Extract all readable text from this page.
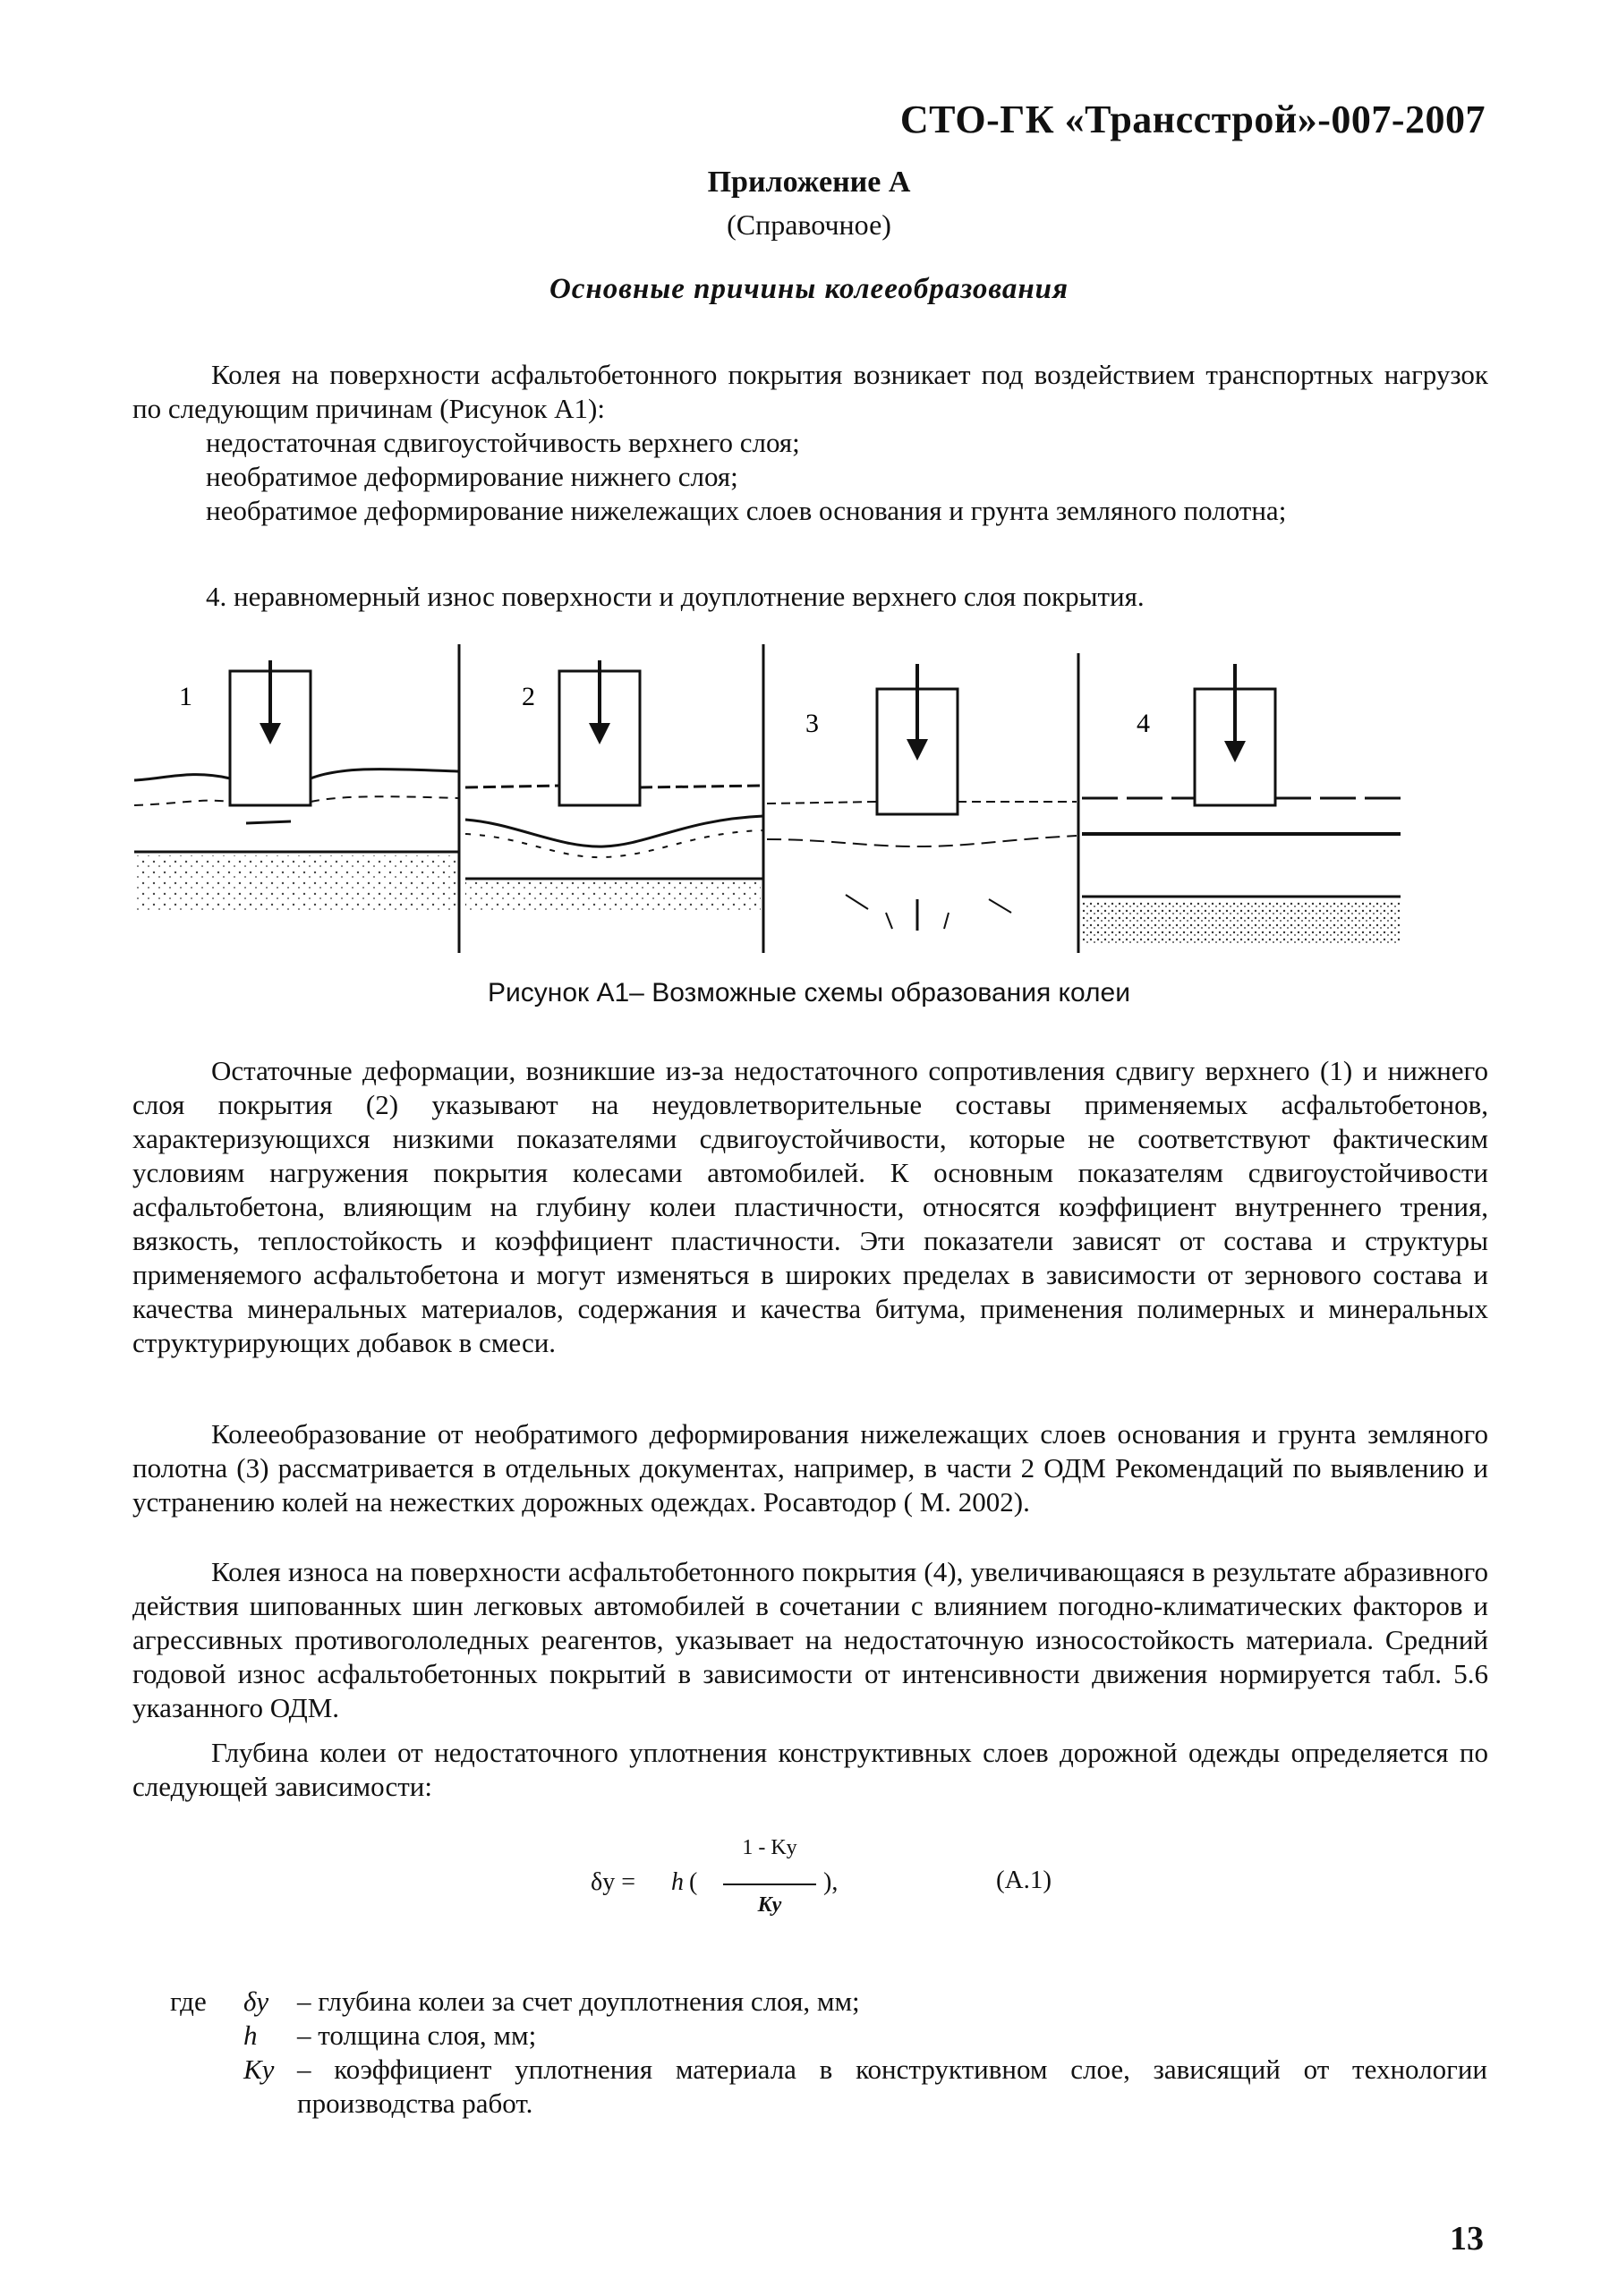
СТО-ГК «Трансстрой»-007-2007
Приложение А
(Справочное)
Основные причины колееобразования
Колея на поверхности асфальтобетонного покрытия возникает под воздействием транспортных нагрузок по следующим причинам (Рисунок А1):
недостаточная сдвигоустойчивость верхнего слоя;
необратимое деформирование нижнего слоя;
необратимое деформирование нижележащих слоев основания и грунта земляного полотна;
4. неравномерный износ поверхности и доуплотнение верхнего слоя покрытия.
1	2
3	4
Рисунок А1– Возможные схемы образования колеи
Остаточные деформации, возникшие из-за недостаточного сопротивления сдвигу верхнего (1) и нижнего слоя покрытия (2) указывают на неудовлетворительные составы применяемых асфальтобетонов, характеризующихся низкими показателями сдвигоустойчивости, которые не соответствуют фактическим условиям нагружения покрытия колесами автомобилей. К основным показателям сдвигоустойчивости асфальтобетона, влияющим на глубину колеи пластичности, относятся коэффициент внутреннего трения, вязкость, теплостойкость и коэффициент пластичности. Эти показатели зависят от состава и структуры применяемого асфальтобетона и могут изменяться в широких пределах в зависимости от зернового состава и качества минеральных материалов, содержания и качества битума, применения полимерных и минеральных структурирующих добавок в смеси.
Колееобразование от необратимого деформирования нижележащих слоев основания и грунта земляного полотна (3) рассматривается в отдельных документах, например, в части 2 ОДМ Рекомендаций по выявлению и устранению колей на нежестких дорожных одеждах. Росавтодор ( М. 2002).
Колея износа на поверхности асфальтобетонного покрытия (4), увеличивающаяся в результате абразивного действия шипованных шин легковых автомобилей в сочетании с влиянием погодно-климатических факторов и агрессивных противогололедных реагентов, указывает на недостаточную износостойкость материала. Средний годовой износ асфальтобетонных покрытий в зависимости от интенсивности движения нормируется табл. 5.6 указанного ОДМ.
Глубина колеи от недостаточного уплотнения конструктивных слоев дорожной одежды определяется по следующей зависимости:
δy = h (
1 - Ky
Ky
),	(А.1)
где δy – глубина колеи за счет доуплотнения слоя, мм;
h – толщина слоя, мм;
Ky – коэффициент уплотнения материала в конструктивном слое, зависящий от технологии производства работ.
13
